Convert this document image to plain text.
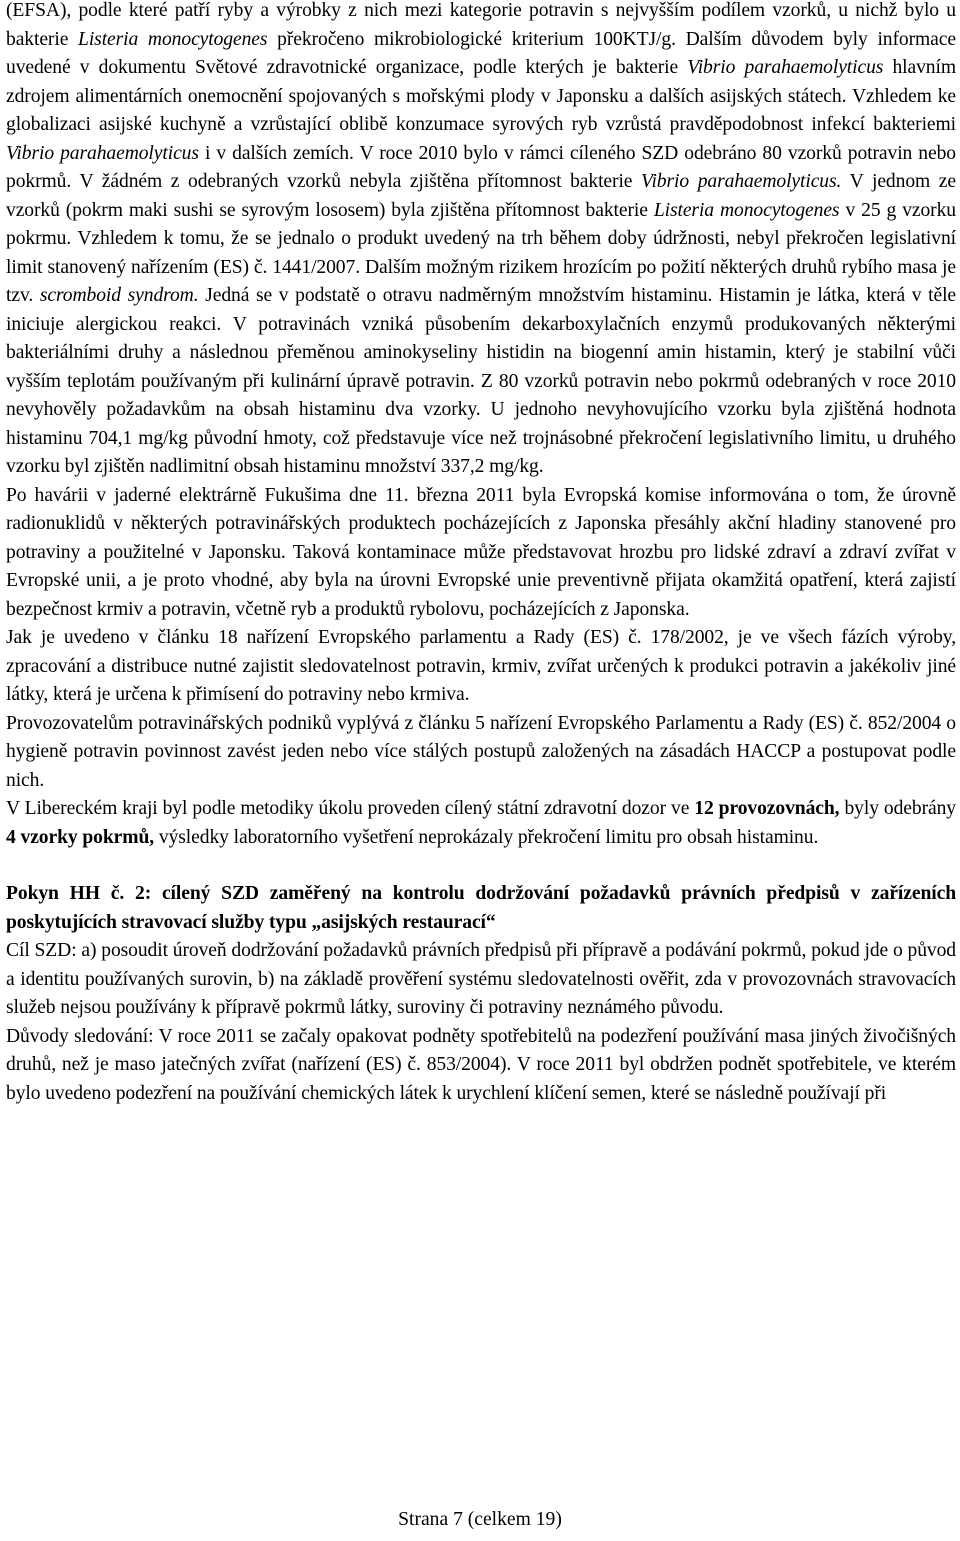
(EFSA), podle které patří ryby a výrobky z nich mezi kategorie potravin s nejvyšším podílem vzorků, u nichž bylo u bakterie Listeria monocytogenes překročeno mikrobiologické kriterium 100KTJ/g. Dalším důvodem byly informace uvedené v dokumentu Světové zdravotnické organizace, podle kterých je bakterie Vibrio parahaemolyticus hlavním zdrojem alimentárních onemocnění spojovaných s mořskými plody v Japonsku a dalších asijských státech. Vzhledem ke globalizaci asijské kuchyně a vzrůstající oblibě konzumace syrových ryb vzrůstá pravděpodobnost infekcí bakteriemi Vibrio parahaemolyticus i v dalších zemích. V roce 2010 bylo v rámci cíleného SZD odebráno 80 vzorků potravin nebo pokrmů. V žádném z odebraných vzorků nebyla zjištěna přítomnost bakterie Vibrio parahaemolyticus. V jednom ze vzorků (pokrm maki sushi se syrovým lososem) byla zjištěna přítomnost bakterie Listeria monocytogenes v 25 g vzorku pokrmu. Vzhledem k tomu, že se jednalo o produkt uvedený na trh během doby údržnosti, nebyl překročen legislativní limit stanovený nařízením (ES) č. 1441/2007. Dalším možným rizikem hrozícím po požití některých druhů rybího masa je tzv. scromboid syndrom. Jedná se v podstatě o otravu nadměrným množstvím histaminu. Histamin je látka, která v těle iniciuje alergickou reakci. V potravinách vzniká působením dekarboxylačních enzymů produkovaných některými bakteriálními druhy a následnou přeměnou aminokyseliny histidin na biogenní amin histamin, který je stabilní vůči vyšším teplotám používaným při kulinární úpravě potravin. Z 80 vzorků potravin nebo pokrmů odebraných v roce 2010 nevyhověly požadavkům na obsah histaminu dva vzorky. U jednoho nevyhovujícího vzorku byla zjištěná hodnota histaminu 704,1 mg/kg původní hmoty, což představuje více než trojnásobné překročení legislativního limitu, u druhého vzorku byl zjištěn nadlimitní obsah histaminu množství 337,2 mg/kg.

Po havárii v jaderné elektrárně Fukušima dne 11. března 2011 byla Evropská komise informována o tom, že úrovně radionuklidů v některých potravinářských produktech pocházejících z Japonska přesáhly akční hladiny stanovené pro potraviny a použitelné v Japonsku. Taková kontaminace může představovat hrozbu pro lidské zdraví a zdraví zvířat v Evropské unii, a je proto vhodné, aby byla na úrovni Evropské unie preventivně přijata okamžitá opatření, která zajistí bezpečnost krmiv a potravin, včetně ryb a produktů rybolovu, pocházejících z Japonska.

Jak je uvedeno v článku 18 nařízení Evropského parlamentu a Rady (ES) č. 178/2002, je ve všech fázích výroby, zpracování a distribuce nutné zajistit sledovatelnost potravin, krmiv, zvířat určených k produkci potravin a jakékoliv jiné látky, která je určena k přimísení do potraviny nebo krmiva.

Provozovatelům potravinářských podniků vyplývá z článku 5 nařízení Evropského Parlamentu a Rady (ES) č. 852/2004 o hygieně potravin povinnost zavést jeden nebo více stálých postupů založených na zásadách HACCP a postupovat podle nich.

V Libereckém kraji byl podle metodiky úkolu proveden cílený státní zdravotní dozor ve 12 provozovnách, byly odebrány 4 vzorky pokrmů, výsledky laboratorního vyšetření neprokázaly překročení limitu pro obsah histaminu.

Pokyn HH č. 2: cílený SZD zaměřený na kontrolu dodržování požadavků právních předpisů v zařízeních poskytujících stravovací služby typu „asijských restaurací“

Cíl SZD: a) posoudit úroveň dodržování požadavků právních předpisů při přípravě a podávání pokrmů, pokud jde o původ a identitu používaných surovin, b) na základě prověření systému sledovatelnosti ověřit, zda v provozovnách stravovacích služeb nejsou používány k přípravě pokrmů látky, suroviny či potraviny neznámého původu.

Důvody sledování: V roce 2011 se začaly opakovat podněty spotřebitelů na podezření používání masa jiných živočišných druhů, než je maso jatečných zvířat (nařízení (ES) č. 853/2004). V roce 2011 byl obdržen podnět spotřebitele, ve kterém bylo uvedeno podezření na používání chemických látek k urychlení klíčení semen, které se následně používají při

Strana 7 (celkem 19)
